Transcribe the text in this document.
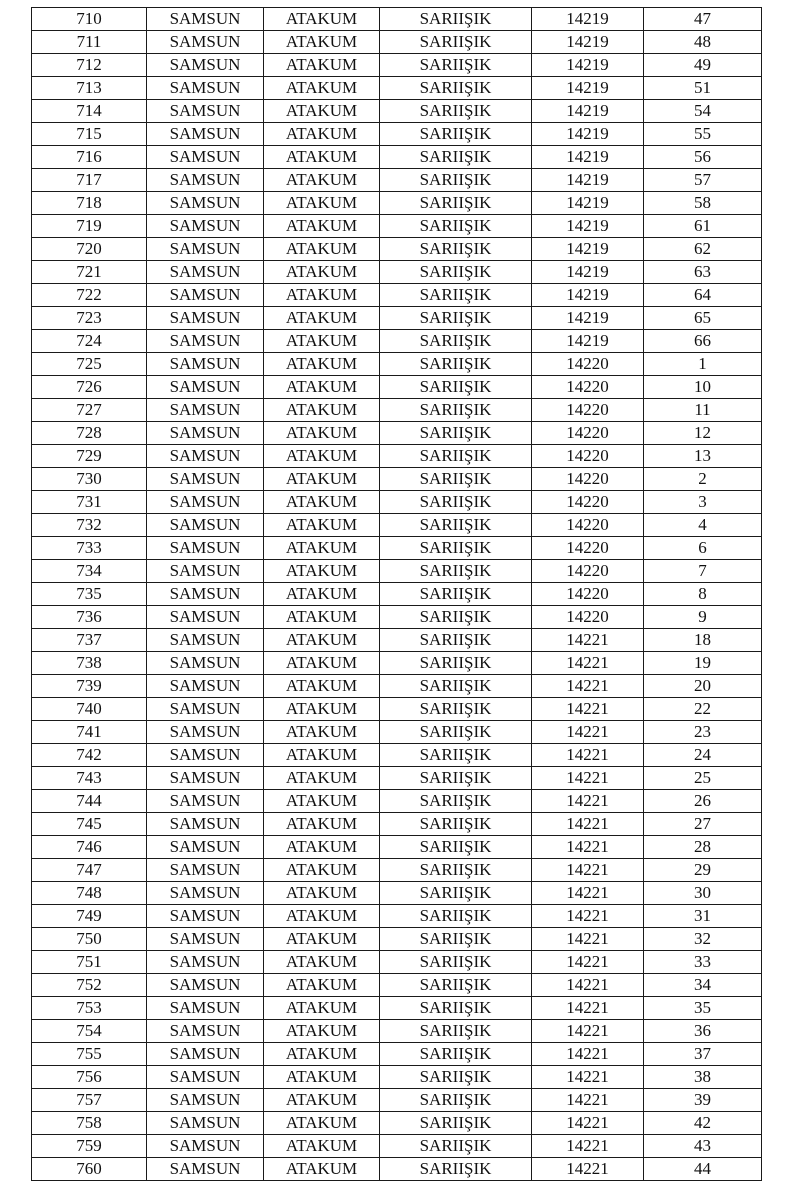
710	SAMSUN	ATAKUM	SARIIŞIK	14219	47
711	SAMSUN	ATAKUM	SARIIŞIK	14219	48
712	SAMSUN	ATAKUM	SARIIŞIK	14219	49
713	SAMSUN	ATAKUM	SARIIŞIK	14219	51
714	SAMSUN	ATAKUM	SARIIŞIK	14219	54
715	SAMSUN	ATAKUM	SARIIŞIK	14219	55
716	SAMSUN	ATAKUM	SARIIŞIK	14219	56
717	SAMSUN	ATAKUM	SARIIŞIK	14219	57
718	SAMSUN	ATAKUM	SARIIŞIK	14219	58
719	SAMSUN	ATAKUM	SARIIŞIK	14219	61
720	SAMSUN	ATAKUM	SARIIŞIK	14219	62
721	SAMSUN	ATAKUM	SARIIŞIK	14219	63
722	SAMSUN	ATAKUM	SARIIŞIK	14219	64
723	SAMSUN	ATAKUM	SARIIŞIK	14219	65
724	SAMSUN	ATAKUM	SARIIŞIK	14219	66
725	SAMSUN	ATAKUM	SARIIŞIK	14220	1
726	SAMSUN	ATAKUM	SARIIŞIK	14220	10
727	SAMSUN	ATAKUM	SARIIŞIK	14220	11
728	SAMSUN	ATAKUM	SARIIŞIK	14220	12
729	SAMSUN	ATAKUM	SARIIŞIK	14220	13
730	SAMSUN	ATAKUM	SARIIŞIK	14220	2
731	SAMSUN	ATAKUM	SARIIŞIK	14220	3
732	SAMSUN	ATAKUM	SARIIŞIK	14220	4
733	SAMSUN	ATAKUM	SARIIŞIK	14220	6
734	SAMSUN	ATAKUM	SARIIŞIK	14220	7
735	SAMSUN	ATAKUM	SARIIŞIK	14220	8
736	SAMSUN	ATAKUM	SARIIŞIK	14220	9
737	SAMSUN	ATAKUM	SARIIŞIK	14221	18
738	SAMSUN	ATAKUM	SARIIŞIK	14221	19
739	SAMSUN	ATAKUM	SARIIŞIK	14221	20
740	SAMSUN	ATAKUM	SARIIŞIK	14221	22
741	SAMSUN	ATAKUM	SARIIŞIK	14221	23
742	SAMSUN	ATAKUM	SARIIŞIK	14221	24
743	SAMSUN	ATAKUM	SARIIŞIK	14221	25
744	SAMSUN	ATAKUM	SARIIŞIK	14221	26
745	SAMSUN	ATAKUM	SARIIŞIK	14221	27
746	SAMSUN	ATAKUM	SARIIŞIK	14221	28
747	SAMSUN	ATAKUM	SARIIŞIK	14221	29
748	SAMSUN	ATAKUM	SARIIŞIK	14221	30
749	SAMSUN	ATAKUM	SARIIŞIK	14221	31
750	SAMSUN	ATAKUM	SARIIŞIK	14221	32
751	SAMSUN	ATAKUM	SARIIŞIK	14221	33
752	SAMSUN	ATAKUM	SARIIŞIK	14221	34
753	SAMSUN	ATAKUM	SARIIŞIK	14221	35
754	SAMSUN	ATAKUM	SARIIŞIK	14221	36
755	SAMSUN	ATAKUM	SARIIŞIK	14221	37
756	SAMSUN	ATAKUM	SARIIŞIK	14221	38
757	SAMSUN	ATAKUM	SARIIŞIK	14221	39
758	SAMSUN	ATAKUM	SARIIŞIK	14221	42
759	SAMSUN	ATAKUM	SARIIŞIK	14221	43
760	SAMSUN	ATAKUM	SARIIŞIK	14221	44
